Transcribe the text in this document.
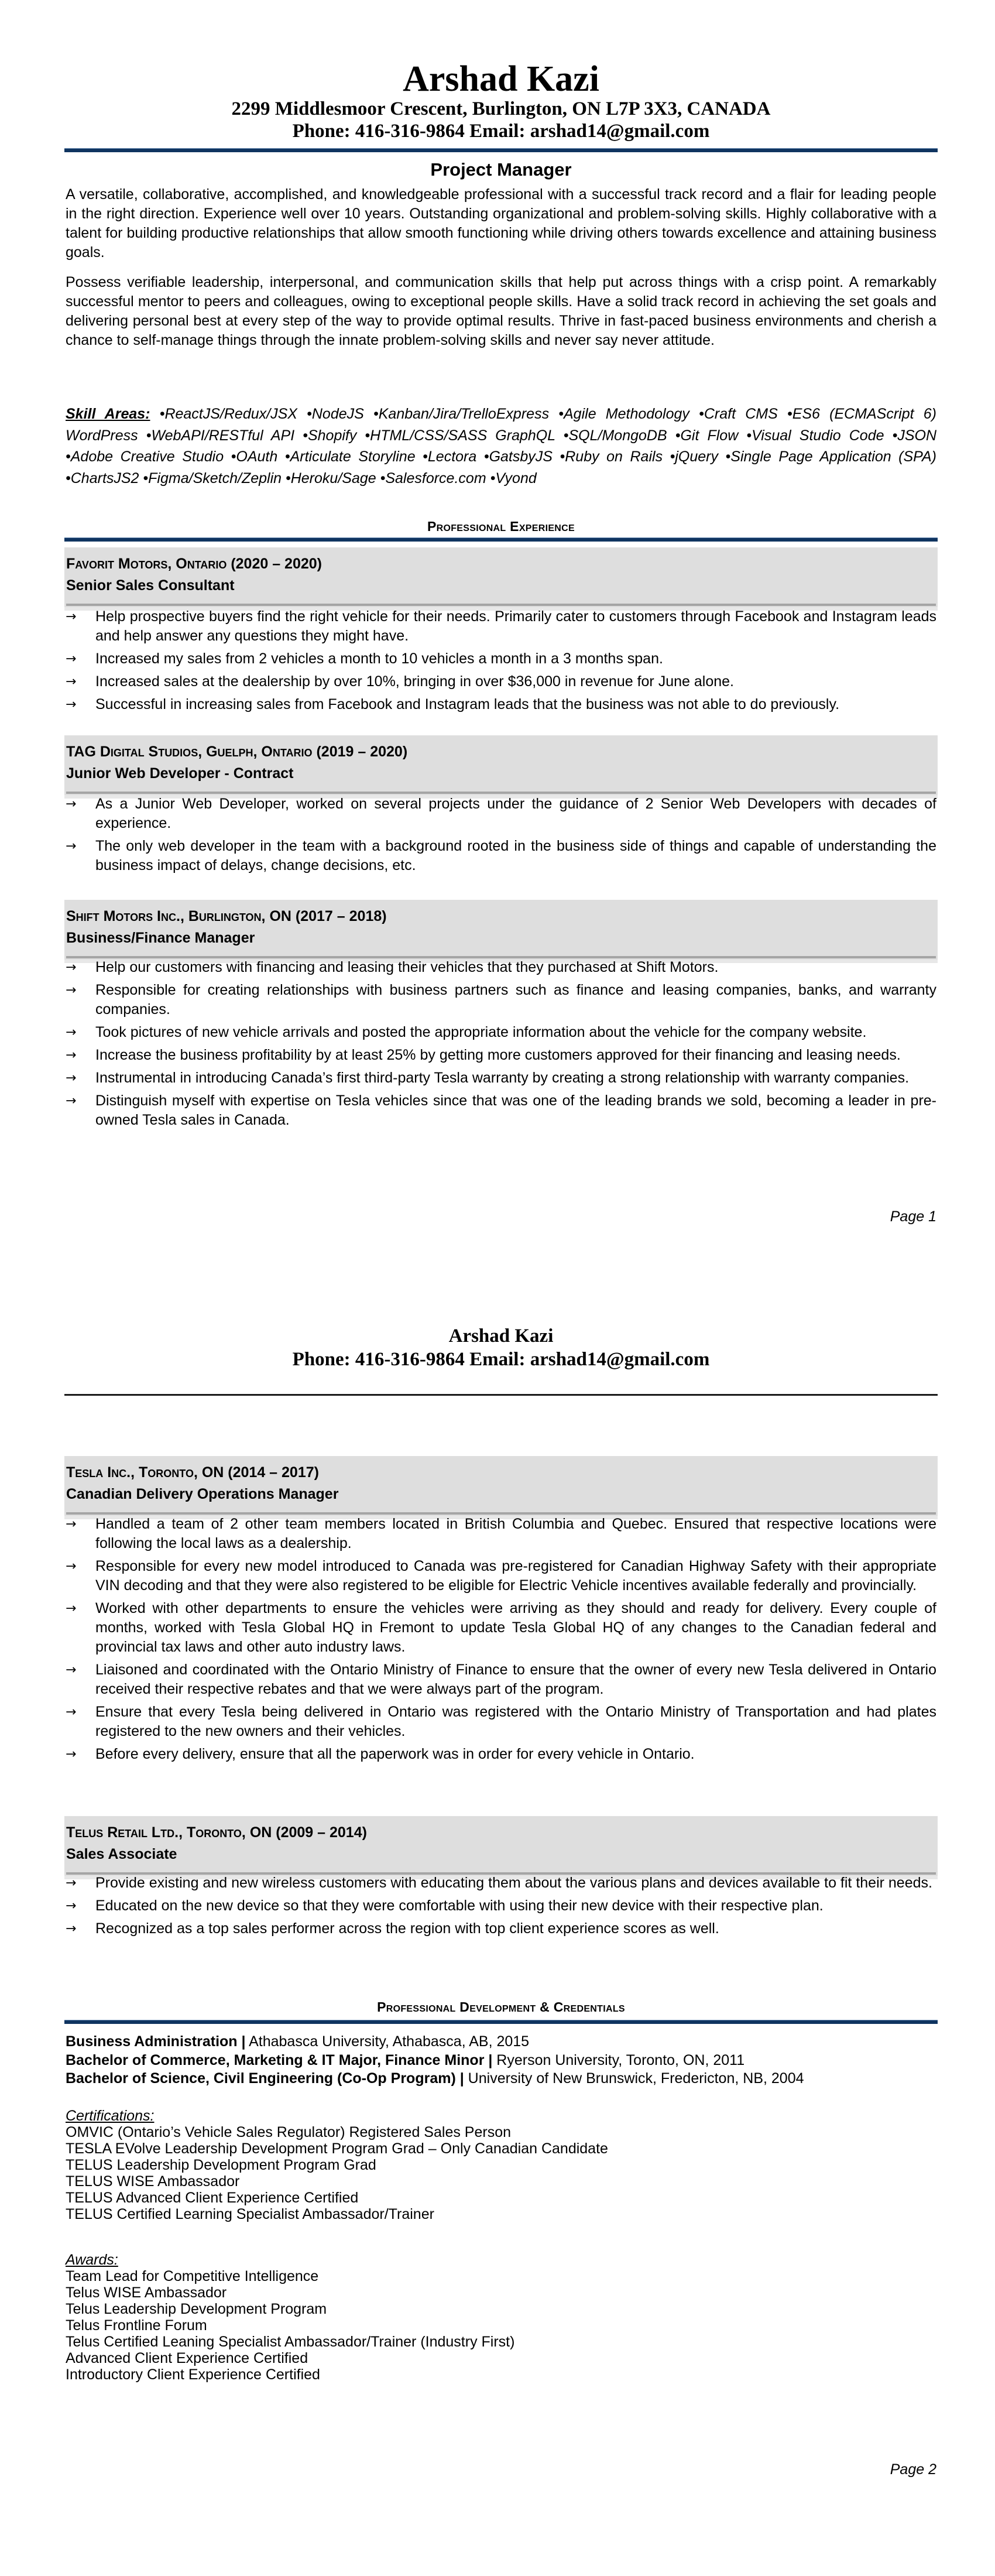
Arshad Kazi
2299 Middlesmoor Crescent, Burlington, ON L7P 3X3, CANADA
Phone: 416-316-9864 Email: arshad14@gmail.com
Project Manager
A versatile, collaborative, accomplished, and knowledgeable professional with a successful track record and a flair for leading people in the right direction. Experience well over 10 years. Outstanding organizational and problem-solving skills. Highly collaborative with a talent for building productive relationships that allow smooth functioning while driving others towards excellence and attaining business goals.
Possess verifiable leadership, interpersonal, and communication skills that help put across things with a crisp point. A remarkably successful mentor to peers and colleagues, owing to exceptional people skills. Have a solid track record in achieving the set goals and delivering personal best at every step of the way to provide optimal results. Thrive in fast-paced business environments and cherish a chance to self-manage things through the innate problem-solving skills and never say never attitude.
Skill Areas: •ReactJS/Redux/JSX •NodeJS •Kanban/Jira/TrelloExpress •Agile Methodology •Craft CMS •ES6 (ECMAScript 6) WordPress •WebAPI/RESTful API •Shopify •HTML/CSS/SASS GraphQL •SQL/MongoDB •Git Flow •Visual Studio Code •JSON •Adobe Creative Studio •OAuth •Articulate Storyline •Lectora •GatsbyJS •Ruby on Rails •jQuery •Single Page Application (SPA) •ChartsJS2 •Figma/Sketch/Zeplin •Heroku/Sage •Salesforce.com •Vyond
Professional Experience
Favorit Motors, Ontario (2020 – 2020)
Senior Sales Consultant
→ Help prospective buyers find the right vehicle for their needs. Primarily cater to customers through Facebook and Instagram leads and help answer any questions they might have.
→ Increased my sales from 2 vehicles a month to 10 vehicles a month in a 3 months span.
→ Increased sales at the dealership by over 10%, bringing in over $36,000 in revenue for June alone.
→ Successful in increasing sales from Facebook and Instagram leads that the business was not able to do previously.
TAG Digital Studios, Guelph, Ontario (2019 – 2020)
Junior Web Developer - Contract
→ As a Junior Web Developer, worked on several projects under the guidance of 2 Senior Web Developers with decades of experience.
→ The only web developer in the team with a background rooted in the business side of things and capable of understanding the business impact of delays, change decisions, etc.
Shift Motors Inc., Burlington, ON (2017 – 2018)
Business/Finance Manager
→ Help our customers with financing and leasing their vehicles that they purchased at Shift Motors.
→ Responsible for creating relationships with business partners such as finance and leasing companies, banks, and warranty companies.
→ Took pictures of new vehicle arrivals and posted the appropriate information about the vehicle for the company website.
→ Increase the business profitability by at least 25% by getting more customers approved for their financing and leasing needs.
→ Instrumental in introducing Canada’s first third-party Tesla warranty by creating a strong relationship with warranty companies.
→ Distinguish myself with expertise on Tesla vehicles since that was one of the leading brands we sold, becoming a leader in pre-owned Tesla sales in Canada.
Page 1
Arshad Kazi
Phone: 416-316-9864 Email: arshad14@gmail.com
Tesla Inc., Toronto, ON (2014 – 2017)
Canadian Delivery Operations Manager
→ Handled a team of 2 other team members located in British Columbia and Quebec. Ensured that respective locations were following the local laws as a dealership.
→ Responsible for every new model introduced to Canada was pre-registered for Canadian Highway Safety with their appropriate VIN decoding and that they were also registered to be eligible for Electric Vehicle incentives available federally and provincially.
→ Worked with other departments to ensure the vehicles were arriving as they should and ready for delivery. Every couple of months, worked with Tesla Global HQ in Fremont to update Tesla Global HQ of any changes to the Canadian federal and provincial tax laws and other auto industry laws.
→ Liaisoned and coordinated with the Ontario Ministry of Finance to ensure that the owner of every new Tesla delivered in Ontario received their respective rebates and that we were always part of the program.
→ Ensure that every Tesla being delivered in Ontario was registered with the Ontario Ministry of Transportation and had plates registered to the new owners and their vehicles.
→ Before every delivery, ensure that all the paperwork was in order for every vehicle in Ontario.
Telus Retail Ltd., Toronto, ON (2009 – 2014)
Sales Associate
→ Provide existing and new wireless customers with educating them about the various plans and devices available to fit their needs.
→ Educated on the new device so that they were comfortable with using their new device with their respective plan.
→ Recognized as a top sales performer across the region with top client experience scores as well.
Professional Development & Credentials
Business Administration | Athabasca University, Athabasca, AB, 2015
Bachelor of Commerce, Marketing & IT Major, Finance Minor | Ryerson University, Toronto, ON, 2011
Bachelor of Science, Civil Engineering (Co-Op Program) | University of New Brunswick, Fredericton, NB, 2004
Certifications:
OMVIC (Ontario’s Vehicle Sales Regulator) Registered Sales Person
TESLA EVolve Leadership Development Program Grad – Only Canadian Candidate
TELUS Leadership Development Program Grad
TELUS WISE Ambassador
TELUS Advanced Client Experience Certified
TELUS Certified Learning Specialist Ambassador/Trainer
Awards:
Team Lead for Competitive Intelligence
Telus WISE Ambassador
Telus Leadership Development Program
Telus Frontline Forum
Telus Certified Leaning Specialist Ambassador/Trainer (Industry First)
Advanced Client Experience Certified
Introductory Client Experience Certified
Page 2
